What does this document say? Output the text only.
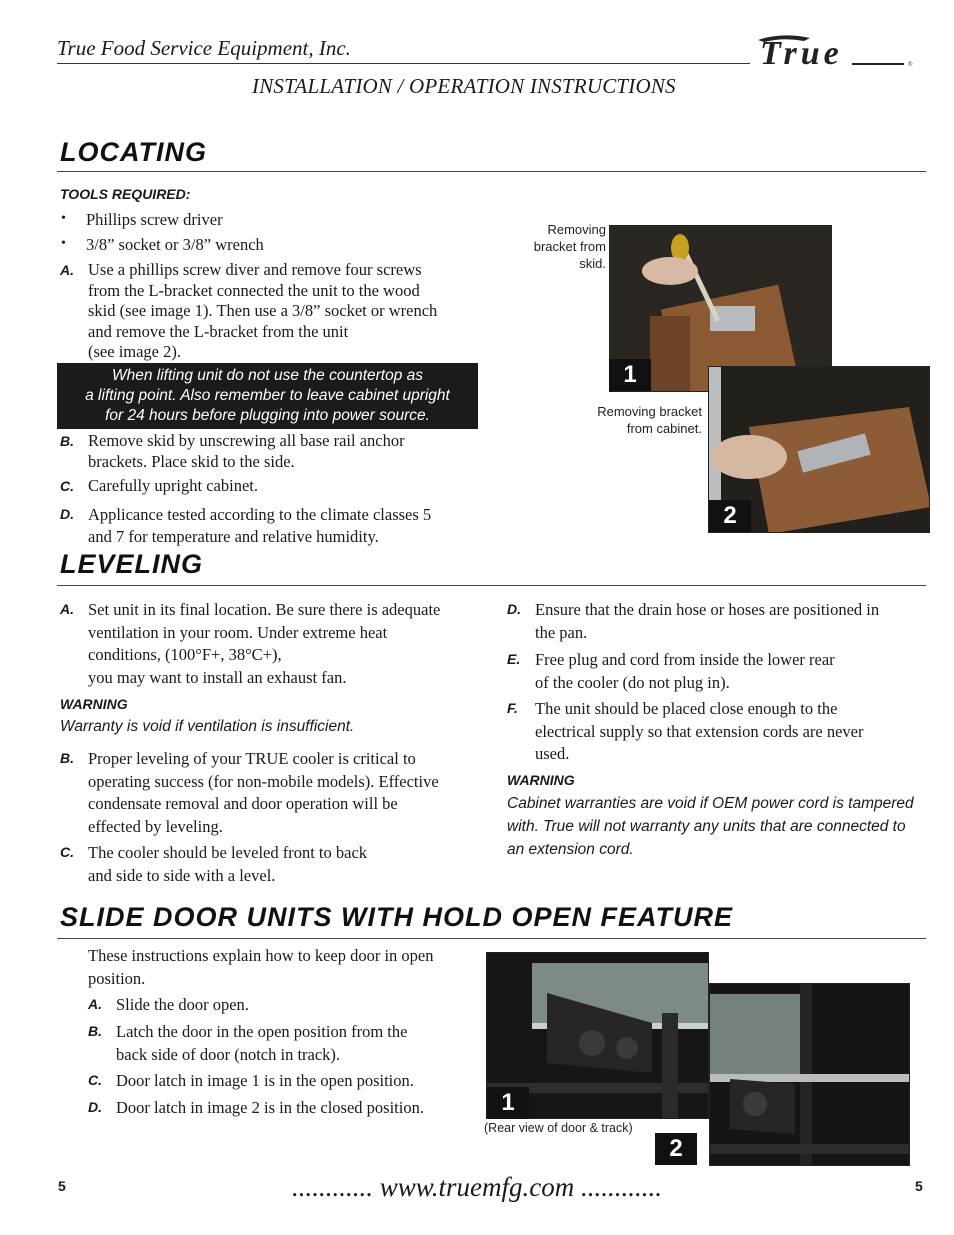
True Food Service Equipment, Inc.	True	®
INSTALLATION / OPERATION INSTRUCTIONS
LOCATING
TOOLS REQUIRED:
•	Phillips screw driver
•	3/8” socket or 3/8” wrench
A. Use a phillips screw diver and remove four screws
from the L-bracket connected the unit to the wood
skid (see image 1). Then use a 3/8” socket or wrench
and remove the L-bracket from the unit
(see image 2).
When lifting unit do not use the countertop as
a lifting point. Also remember to leave cabinet upright
for 24 hours before plugging into power source.
B. Remove skid by unscrewing all base rail anchor
brackets. Place skid to the side.
C. Carefully upright cabinet.
D. Applicance tested according to the climate classes 5
and 7 for temperature and relative humidity.
Removing
bracket from
skid.
1
Removing bracket
from cabinet.
2
LEVELING
A. Set unit in its final location. Be sure there is adequate
ventilation in your room. Under extreme heat
conditions, (100°F+, 38°C+),
you may want to install an exhaust fan.
WARNING
Warranty is void if ventilation is insufficient.
B. Proper leveling of your TRUE cooler is critical to
operating success (for non-mobile models). Effective
condensate removal and door operation will be
effected by leveling.
C. The cooler should be leveled front to back
and side to side with a level.
D. Ensure that the drain hose or hoses are positioned in
the pan.
E. Free plug and cord from inside the lower rear
of the cooler (do not plug in).
F.	The unit should be placed close enough to the
electrical supply so that extension cords are never
used.
WARNING
Cabinet warranties are void if OEM power cord is tampered
with. True will not warranty any units that are connected to
an extension cord.
SLIDE DOOR UNITS WITH HOLD OPEN FEATURE
These instructions explain how to keep door in open
position.
A. Slide the door open.
B. Latch the door in the open position from the
back side of door (notch in track).
C. Door latch in image 1 is in the open position.
D. Door latch in image 2 is in the closed position.	1
(Rear view of door & track)
2
5	............ www.truemfg.com ............	5
